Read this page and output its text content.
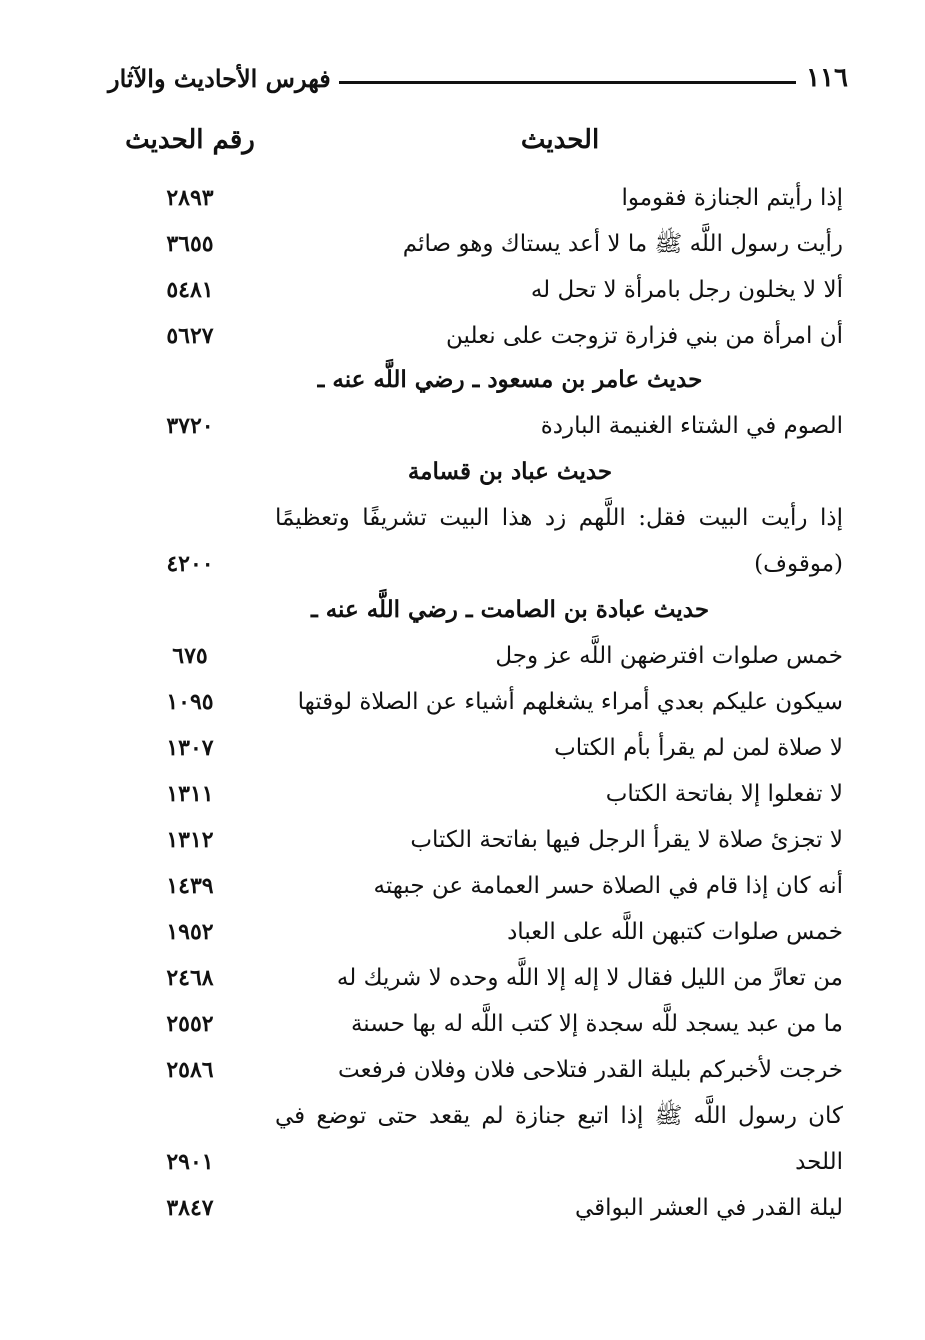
١١٦
فهرس الأحاديث والآثار
الحديث
رقم الحديث
إذا رأيتم الجنازة فقوموا
٢٨٩٣
رأيت رسول اللَّه ﷺ ما لا أعد يستاك وهو صائم
٣٦٥٥
ألا لا يخلون رجل بامرأة لا تحل له
٥٤٨١
أن امرأة من بني فزارة تزوجت على نعلين
٥٦٢٧
حديث عامر بن مسعود ـ رضي اللَّه عنه ـ
الصوم في الشتاء الغنيمة الباردة
٣٧٢٠
حديث عباد بن قسامة
إذا رأيت البيت فقل: اللَّهم زد هذا البيت تشريفًا وتعظيمًا
(موقوف)
٤٢٠٠
حديث عبادة بن الصامت ـ رضي اللَّه عنه ـ
خمس صلوات افترضهن اللَّه عز وجل
٦٧٥
سيكون عليكم بعدي أمراء يشغلهم أشياء عن الصلاة لوقتها
١٠٩٥
لا صلاة لمن لم يقرأ بأم الكتاب
١٣٠٧
لا تفعلوا إلا بفاتحة الكتاب
١٣١١
لا تجزئ صلاة لا يقرأ الرجل فيها بفاتحة الكتاب
١٣١٢
أنه كان إذا قام في الصلاة حسر العمامة عن جبهته
١٤٣٩
خمس صلوات كتبهن اللَّه على العباد
١٩٥٢
من تعارَّ من الليل فقال لا إله إلا اللَّه وحده لا شريك له
٢٤٦٨
ما من عبد يسجد للَّه سجدة إلا كتب اللَّه له بها حسنة
٢٥٥٢
خرجت لأخبركم بليلة القدر فتلاحى فلان وفلان فرفعت
٢٥٨٦
كان رسول اللَّه ﷺ إذا اتبع جنازة لم يقعد حتى توضع في
اللحد
٢٩٠١
ليلة القدر في العشر البواقي
٣٨٤٧
